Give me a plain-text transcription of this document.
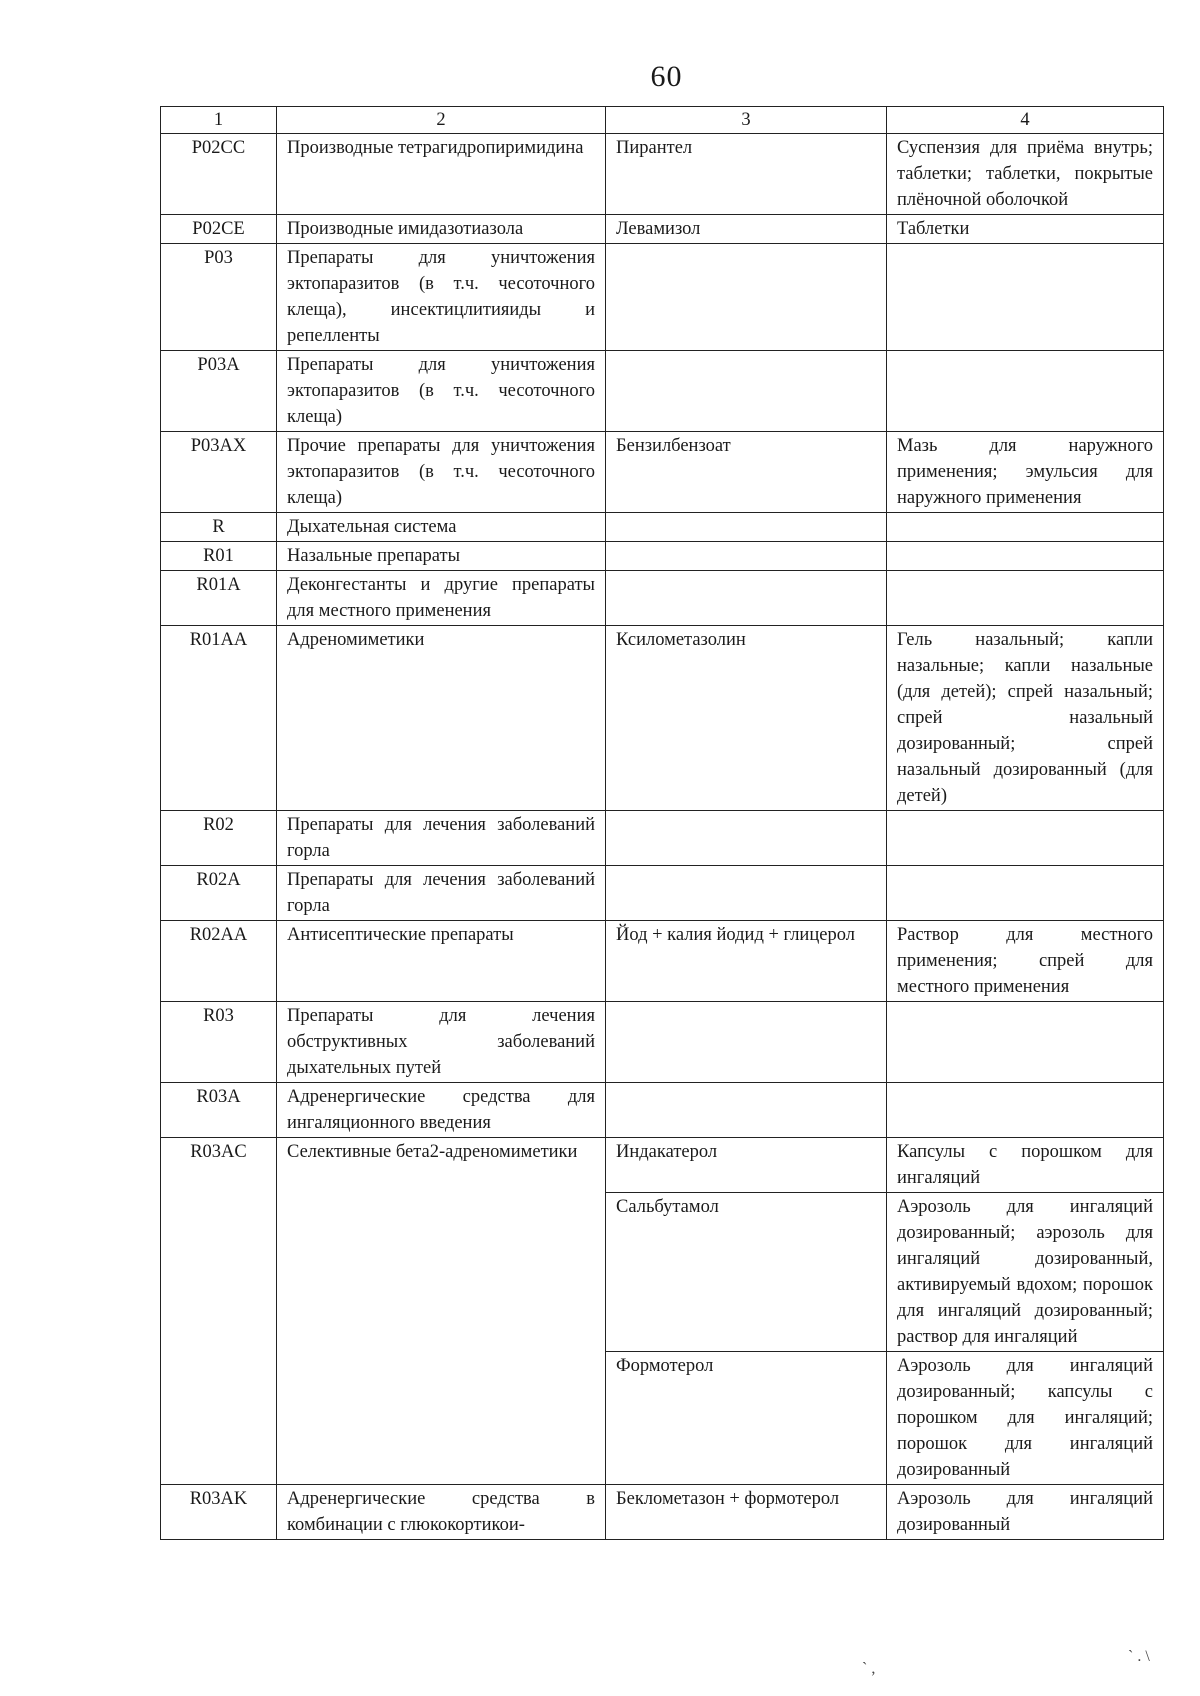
60
1	2	3	4
P02CC	Производные тетрагидропиримидина	Пирантел	Суспензия для приёма внутрь; таблетки; таблетки, покрытые плёночной оболочкой
P02CE	Производные имидазотиазола	Левамизол	Таблетки
P03	Препараты для уничтожения эктопаразитов (в т.ч. чесоточного клеща), инсектицлитияиды и репелленты		
P03A	Препараты для уничтожения эктопаразитов (в т.ч. чесоточного клеща)		
P03AX	Прочие препараты для уничтожения эктопаразитов (в т.ч. чесоточного клеща)	Бензилбензоат	Мазь для наружного применения; эмульсия для наружного применения
R	Дыхательная система		
R01	Назальные препараты		
R01A	Деконгестанты и другие препараты для местного применения		
R01AA	Адреномиметики	Ксилометазолин	Гель назальный; капли назальные; капли назальные (для детей); спрей назальный; спрей назальный дозированный; спрей назальный дозированный (для детей)
R02	Препараты для лечения заболеваний горла		
R02A	Препараты для лечения заболеваний горла		
R02AA	Антисептические препараты	Йод + калия йодид + глицерол	Раствор для местного применения; спрей для местного применения
R03	Препараты для лечения обструктивных заболеваний дыхательных путей		
R03A	Адренергические средства для ингаляционного введения		
R03AC	Селективные бета2-адреномиметики	Индакатерол	Капсулы с порошком для ингаляций
		Сальбутамол	Аэрозоль для ингаляций дозированный; аэрозоль для ингаляций дозированный, активируемый вдохом; порошок для ингаляций дозированный; раствор для ингаляций
		Формотерол	Аэрозоль для ингаляций дозированный; капсулы с порошком для ингаляций; порошок для ингаляций дозированный
R03AK	Адренергические средства в комбинации с глюкокортикои-	Беклометазон + формотерол	Аэрозоль для ингаляций дозированный
` ,
` . \
